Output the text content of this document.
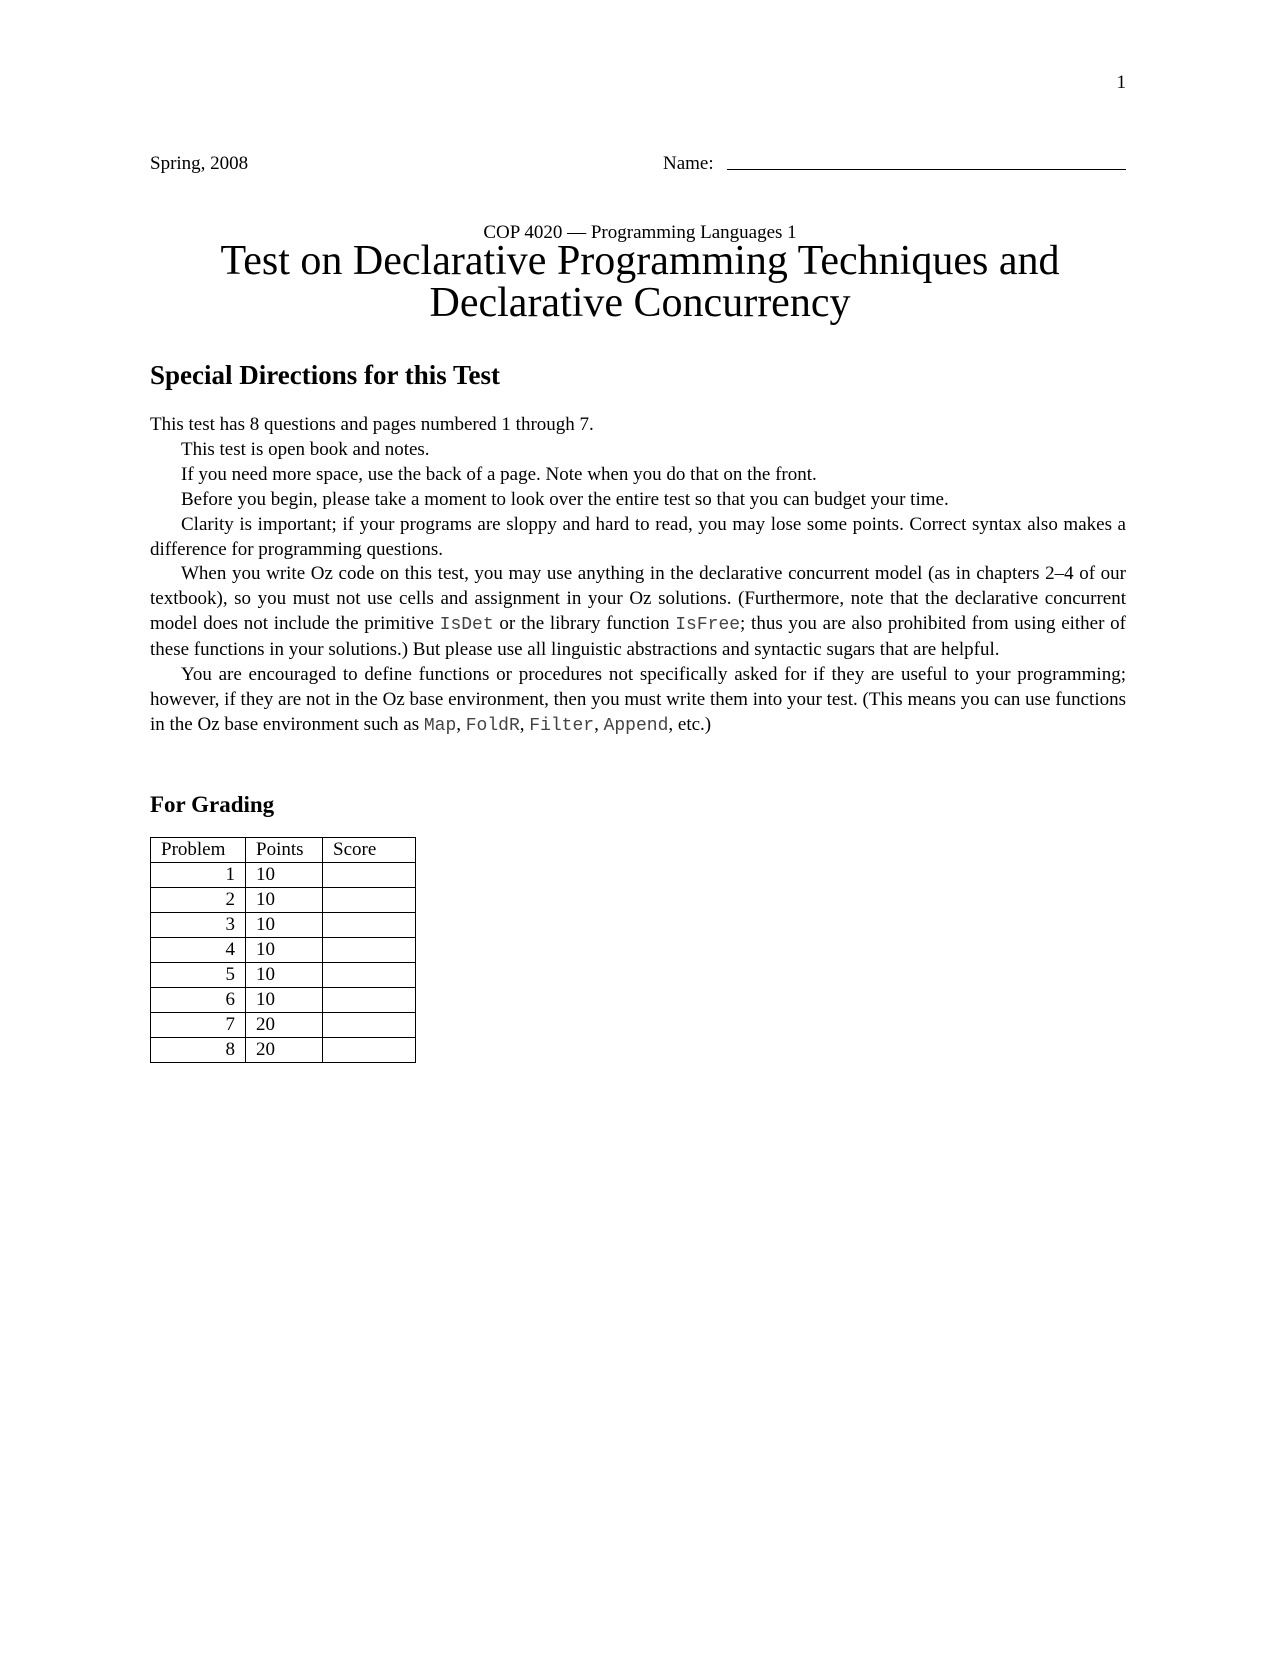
1
Spring, 2008	Name:
COP 4020 — Programming Languages 1
Test on Declarative Programming Techniques and
Declarative Concurrency
Special Directions for this Test

This test has 8 questions and pages numbered 1 through 7.

This test is open book and notes.

If you need more space, use the back of a page. Note when you do that on the front.

Before you begin, please take a moment to look over the entire test so that you can budget your time.

Clarity is important; if your programs are sloppy and hard to read, you may lose some points. Correct syntax also makes a difference for programming questions.

When you write Oz code on this test, you may use anything in the declarative concurrent model (as in chapters 2–4 of our textbook), so you must not use cells and assignment in your Oz solutions. (Furthermore, note that the declarative concurrent model does not include the primitive IsDet or the library function IsFree; thus you are also prohibited from using either of these functions in your solutions.) But please use all linguistic abstractions and syntactic sugars that are helpful.

You are encouraged to define functions or procedures not specifically asked for if they are useful to your programming; however, if they are not in the Oz base environment, then you must write them into your test. (This means you can use functions in the Oz base environment such as Map, FoldR, Filter, Append, etc.)

For Grading
Problem	Points	Score
1	10	
2	10	
3	10	
4	10	
5	10	
6	10	
7	20	
8	20	
